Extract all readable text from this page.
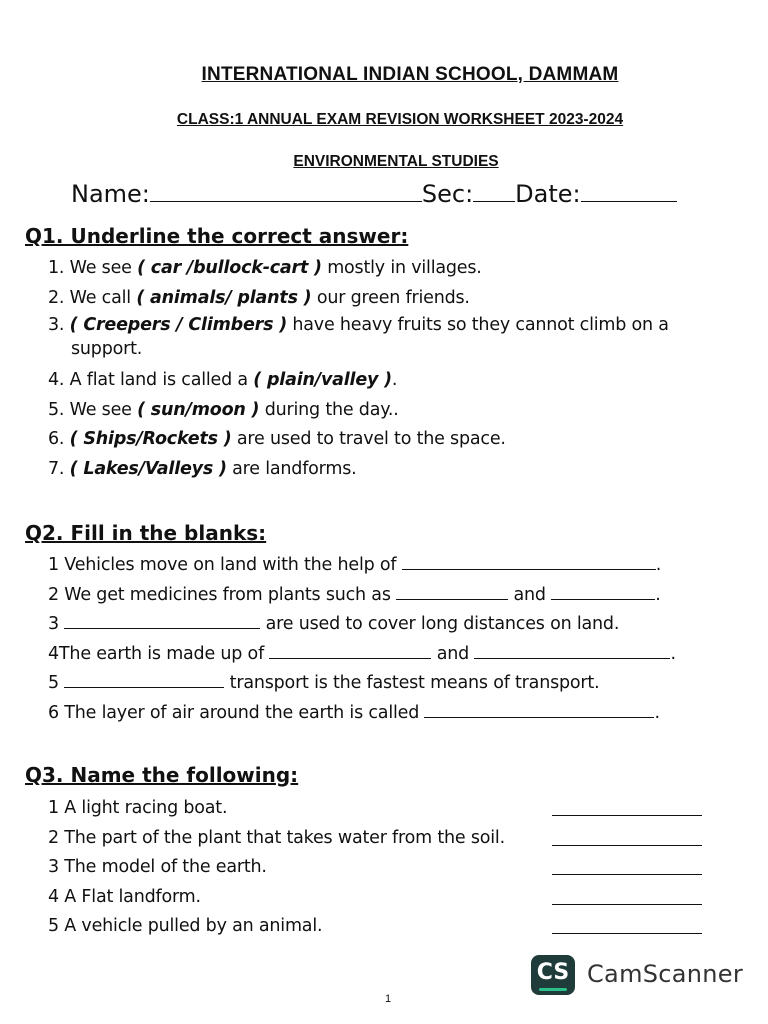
INTERNATIONAL INDIAN SCHOOL, DAMMAM
CLASS:1 ANNUAL EXAM REVISION WORKSHEET 2023-2024
ENVIRONMENTAL STUDIES
Name:	Sec: Date:
Q1. Underline the correct answer:
1. We see ( car /bullock-cart ) mostly in villages.
2. We call ( animals/ plants ) our green friends.
3. ( Creepers / Climbers ) have heavy fruits so they cannot climb on a support.
4. A flat land is called a ( plain/valley ).
5. We see ( sun/moon ) during the day..
6. ( Ships/Rockets ) are used to travel to the space.
7. ( Lakes/Valleys ) are landforms.
Q2. Fill in the blanks:
1 Vehicles move on land with the help of	.
2 We get medicines from plants such as	and	.
3	are used to cover long distances on land.
4The earth is made up of	and	.
5	transport is the fastest means of transport.
6 The layer of air around the earth is called	.
Q3. Name the following:
1 A light racing boat.
2 The part of the plant that takes water from the soil.
3 The model of the earth.
4 A Flat landform.
5 A vehicle pulled by an animal.
CS CamScanner
1
